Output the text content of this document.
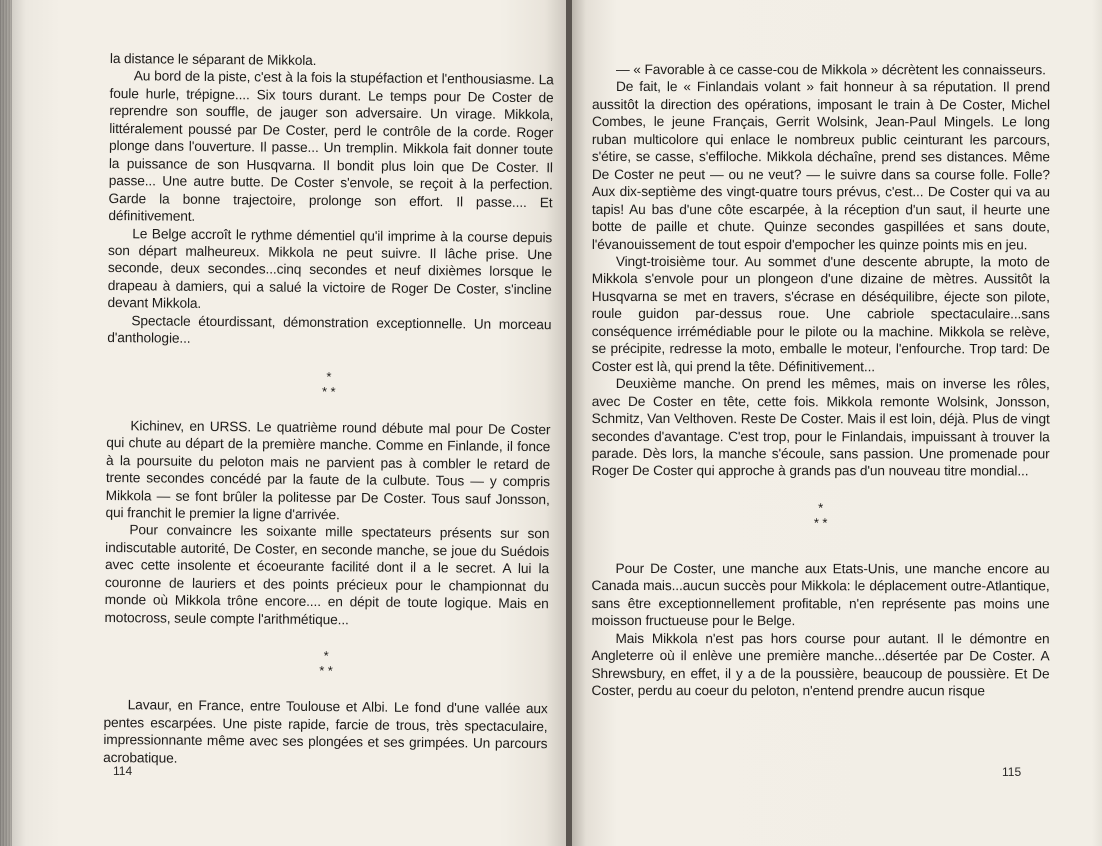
la distance le séparant de Mikkola.

Au bord de la piste, c'est à la fois la stupéfaction et l'enthousiasme. La foule hurle, trépigne.... Six tours durant. Le temps pour De Coster de reprendre son souffle, de jauger son adversaire. Un virage. Mikkola, littéralement poussé par De Coster, perd le contrôle de la corde. Roger plonge dans l'ouverture. Il passe... Un tremplin. Mikkola fait donner toute la puissance de son Husqvarna. Il bondit plus loin que De Coster. Il passe... Une autre butte. De Coster s'envole, se reçoit à la perfection. Garde la bonne trajectoire, prolonge son effort. Il passe.... Et définitivement.

Le Belge accroît le rythme démentiel qu'il imprime à la course depuis son départ malheureux. Mikkola ne peut suivre. Il lâche prise. Une seconde, deux secondes...cinq secondes et neuf dixièmes lorsque le drapeau à damiers, qui a salué la victoire de Roger De Coster, s'incline devant Mikkola.

Spectacle étourdissant, démonstration exceptionnelle. Un morceau d'anthologie...

*
* *

Kichinev, en URSS. Le quatrième round débute mal pour De Coster qui chute au départ de la première manche. Comme en Finlande, il fonce à la poursuite du peloton mais ne parvient pas à combler le retard de trente secondes concédé par la faute de la culbute. Tous — y compris Mikkola — se font brûler la politesse par De Coster. Tous sauf Jonsson, qui franchit le premier la ligne d'arrivée.

Pour convaincre les soixante mille spectateurs présents sur son indiscutable autorité, De Coster, en seconde manche, se joue du Suédois avec cette insolente et écoeurante facilité dont il a le secret. A lui la couronne de lauriers et des points précieux pour le championnat du monde où Mikkola trône encore.... en dépit de toute logique. Mais en motocross, seule compte l'arithmétique...

*
* *

Lavaur, en France, entre Toulouse et Albi. Le fond d'une vallée aux pentes escarpées. Une piste rapide, farcie de trous, très spectaculaire, impressionnante même avec ses plongées et ses grimpées. Un parcours acrobatique.

114

— « Favorable à ce casse-cou de Mikkola » décrètent les connaisseurs.

De fait, le « Finlandais volant » fait honneur à sa réputation. Il prend aussitôt la direction des opérations, imposant le train à De Coster, Michel Combes, le jeune Français, Gerrit Wolsink, Jean-Paul Mingels. Le long ruban multicolore qui enlace le nombreux public ceinturant les parcours, s'étire, se casse, s'effiloche. Mikkola déchaîne, prend ses distances. Même De Coster ne peut — ou ne veut? — le suivre dans sa course folle. Folle? Aux dix-septième des vingt-quatre tours prévus, c'est... De Coster qui va au tapis! Au bas d'une côte escarpée, à la réception d'un saut, il heurte une botte de paille et chute. Quinze secondes gaspillées et sans doute, l'évanouissement de tout espoir d'empocher les quinze points mis en jeu.

Vingt-troisième tour. Au sommet d'une descente abrupte, la moto de Mikkola s'envole pour un plongeon d'une dizaine de mètres. Aussitôt la Husqvarna se met en travers, s'écrase en déséquilibre, éjecte son pilote, roule guidon par-dessus roue. Une cabriole spectaculaire...sans conséquence irrémédiable pour le pilote ou la machine. Mikkola se relève, se précipite, redresse la moto, emballe le moteur, l'enfourche. Trop tard: De Coster est là, qui prend la tête. Définitivement...

Deuxième manche. On prend les mêmes, mais on inverse les rôles, avec De Coster en tête, cette fois. Mikkola remonte Wolsink, Jonsson, Schmitz, Van Velthoven. Reste De Coster. Mais il est loin, déjà. Plus de vingt secondes d'avantage. C'est trop, pour le Finlandais, impuissant à trouver la parade. Dès lors, la manche s'écoule, sans passion. Une promenade pour Roger De Coster qui approche à grands pas d'un nouveau titre mondial...

*
* *

Pour De Coster, une manche aux Etats-Unis, une manche encore au Canada mais...aucun succès pour Mikkola: le déplacement outre-Atlantique, sans être exceptionnellement profitable, n'en représente pas moins une moisson fructueuse pour le Belge.

Mais Mikkola n'est pas hors course pour autant. Il le démontre en Angleterre où il enlève une première manche...désertée par De Coster. A Shrewsbury, en effet, il y a de la poussière, beaucoup de poussière. Et De Coster, perdu au coeur du peloton, n'entend prendre aucun risque

115
